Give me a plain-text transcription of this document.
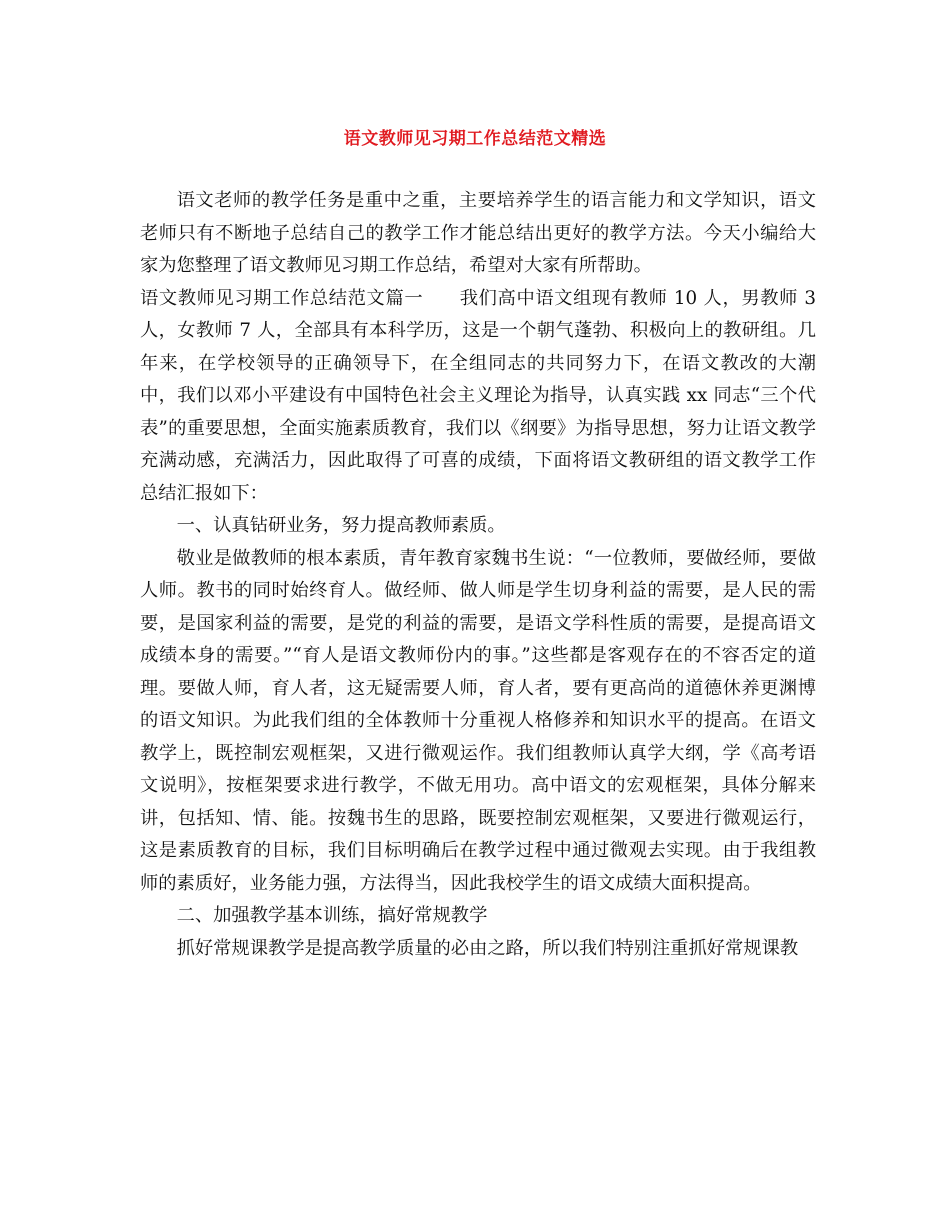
语文教师见习期工作总结范文精选

语文老师的教学任务是重中之重，主要培养学生的语言能力和文学知识，语文老师只有不断地子总结自己的教学工作才能总结出更好的教学方法。今天小编给大家为您整理了语文教师见习期工作总结，希望对大家有所帮助。

语文教师见习期工作总结范文篇一 我们高中语文组现有教师 10 人，男教师 3 人，女教师 7 人，全部具有本科学历，这是一个朝气蓬勃、积极向上的教研组。几年来，在学校领导的正确领导下，在全组同志的共同努力下，在语文教改的大潮中，我们以邓小平建设有中国特色社会主义理论为指导，认真实践 xx 同志“三个代表”的重要思想，全面实施素质教育，我们以《纲要》为指导思想，努力让语文教学充满动感，充满活力，因此取得了可喜的成绩，下面将语文教研组的语文教学工作总结汇报如下：

一、认真钻研业务，努力提高教师素质。

敬业是做教师的根本素质，青年教育家魏书生说：“一位教师，要做经师，要做人师。教书的同时始终育人。做经师、做人师是学生切身利益的需要，是人民的需要，是国家利益的需要，是党的利益的需要，是语文学科性质的需要，是提高语文成绩本身的需要。”“育人是语文教师份内的事。”这些都是客观存在的不容否定的道理。要做人师，育人者，这无疑需要人师，育人者，要有更高尚的道德休养更渊博的语文知识。为此我们组的全体教师十分重视人格修养和知识水平的提高。在语文教学上，既控制宏观框架，又进行微观运作。我们组教师认真学大纲，学《高考语文说明》，按框架要求进行教学，不做无用功。高中语文的宏观框架，具体分解来讲，包括知、情、能。按魏书生的思路，既要控制宏观框架，又要进行微观运行，这是素质教育的目标，我们目标明确后在教学过程中通过微观去实现。由于我组教师的素质好，业务能力强，方法得当，因此我校学生的语文成绩大面积提高。

二、加强教学基本训练，搞好常规教学

抓好常规课教学是提高教学质量的必由之路，所以我们特别注重抓好常规课教
